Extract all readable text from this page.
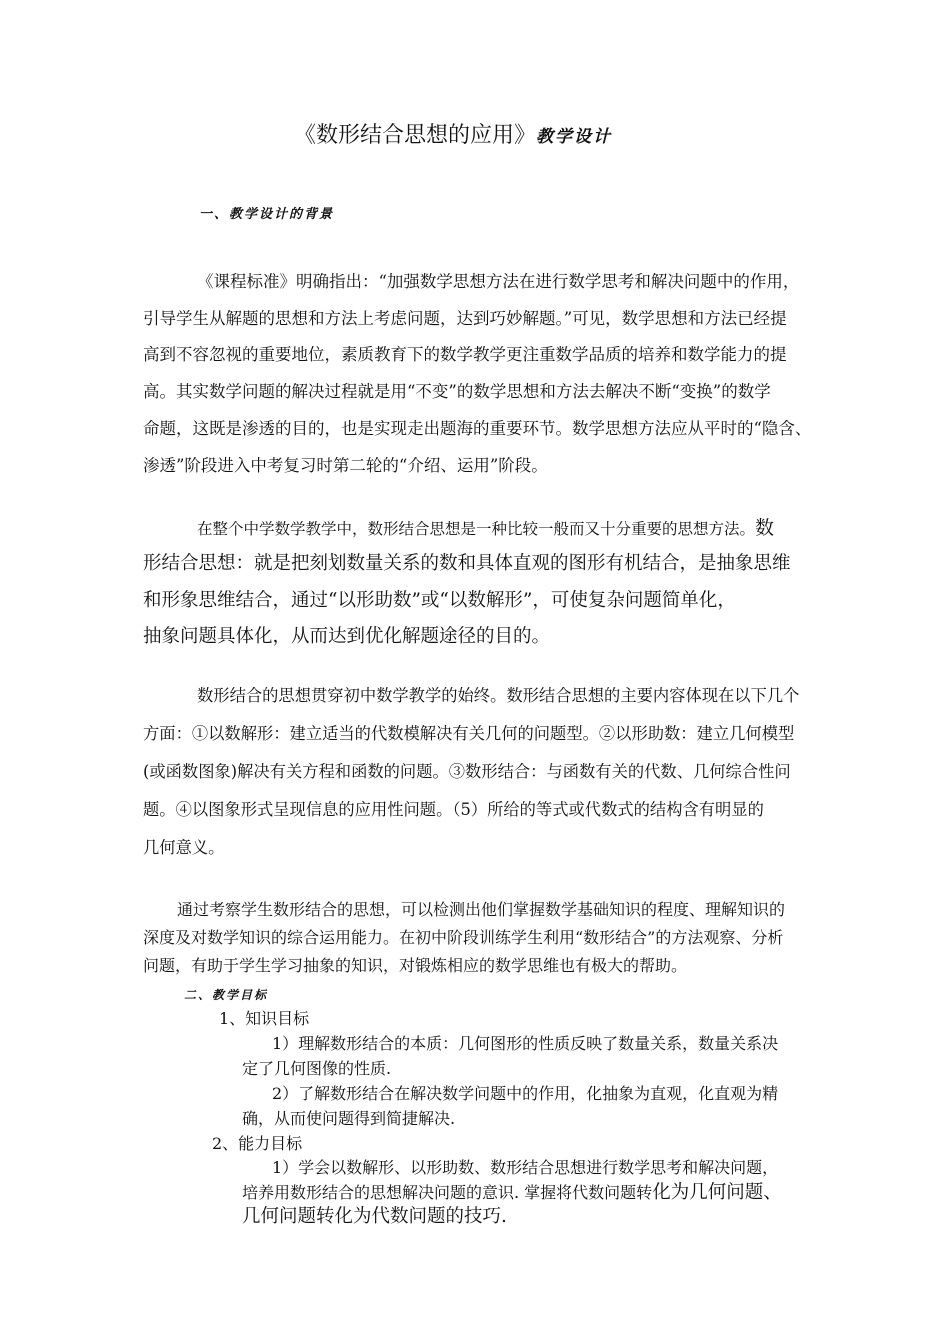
《数形结合思想的应用》教学设计
一、教学设计的背景
《课程标准》明确指出：“加强数学思想方法在进行数学思考和解决问题中的作用，
引导学生从解题的思想和方法上考虑问题，达到巧妙解题。”可见，数学思想和方法已经提
高到不容忽视的重要地位，素质教育下的数学教学更注重数学品质的培养和数学能力的提
高。其实数学问题的解决过程就是用“不变”的数学思想和方法去解决不断“变换”的数学
命题，这既是渗透的目的，也是实现走出题海的重要环节。数学思想方法应从平时的“隐含、
渗透”阶段进入中考复习时第二轮的“介绍、运用”阶段。
在整个中学数学教学中，数形结合思想是一种比较一般而又十分重要的思想方法。数
形结合思想：就是把刻划数量关系的数和具体直观的图形有机结合，是抽象思维
和形象思维结合，通过“以形助数”或“以数解形”，可使复杂问题简单化，
抽象问题具体化，从而达到优化解题途径的目的。
数形结合的思想贯穿初中数学教学的始终。数形结合思想的主要内容体现在以下几个
方面：①以数解形：建立适当的代数模解决有关几何的问题型。②以形助数：建立几何模型
(或函数图象)解决有关方程和函数的问题。③数形结合：与函数有关的代数、几何综合性问
题。④以图象形式呈现信息的应用性问题。（5）所给的等式或代数式的结构含有明显的
几何意义。
通过考察学生数形结合的思想，可以检测出他们掌握数学基础知识的程度、理解知识的
深度及对数学知识的综合运用能力。在初中阶段训练学生利用“数形结合”的方法观察、分析
问题，有助于学生学习抽象的知识，对锻炼相应的数学思维也有极大的帮助。
二、教学目标
1、知识目标
1）理解数形结合的本质：几何图形的性质反映了数量关系，数量关系决
定了几何图像的性质.
2）了解数形结合在解决数学问题中的作用，化抽象为直观，化直观为精
确，从而使问题得到简捷解决.
2、能力目标
1）学会以数解形、以形助数、数形结合思想进行数学思考和解决问题，
培养用数形结合的思想解决问题的意识. 掌握将代数问题转化为几何问题、
几何问题转化为代数问题的技巧.
